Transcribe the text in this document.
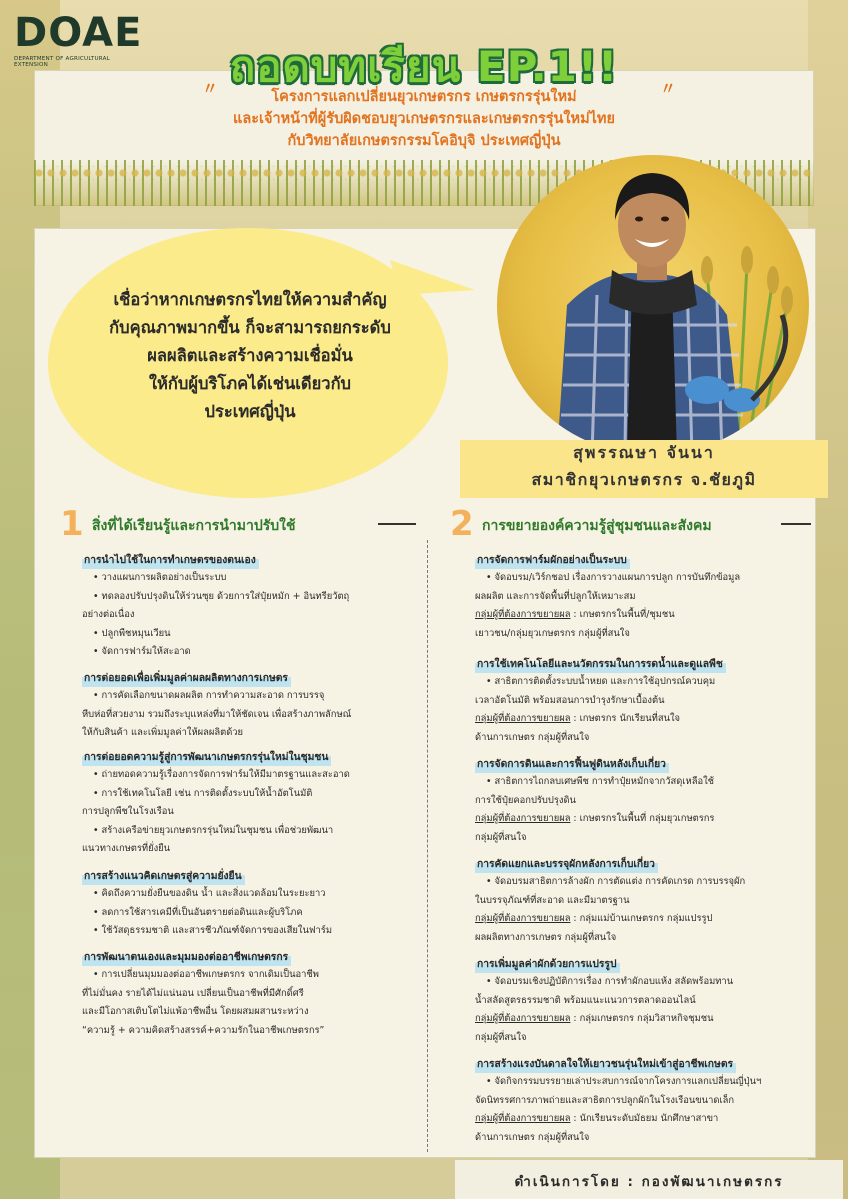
DOAE
DEPARTMENT OF AGRICULTURAL EXTENSION
〃	〃
ถอดบทเรียน EP.1!!
โครงการแลกเปลี่ยนยุวเกษตรกร เกษตรกรรุ่นใหม่
และเจ้าหน้าที่ผู้รับผิดชอบยุวเกษตรกรและเกษตรกรรุ่นใหม่ไทย
กับวิทยาลัยเกษตรกรรมโคอิบุจิ ประเทศญี่ปุ่น
เชื่อว่าหากเกษตรกรไทยให้ความสำคัญ
กับคุณภาพมากขึ้น ก็จะสามารถยกระดับ
ผลผลิตและสร้างความเชื่อมั่น
ให้กับผู้บริโภคได้เช่นเดียวกับ
ประเทศญี่ปุ่น
สุพรรณษา จันนา
สมาชิกยุวเกษตรกร จ.ชัยภูมิ
1 สิ่งที่ได้เรียนรู้และการนำมาปรับใช้	2 การขยายองค์ความรู้สู่ชุมชนและสังคม
การนำไปใช้ในการทำเกษตรของตนเอง
• วางแผนการผลิตอย่างเป็นระบบ
• ทดลองปรับปรุงดินให้ร่วนซุย ด้วยการใส่ปุ๋ยหมัก + อินทรียวัตถุ
อย่างต่อเนื่อง
• ปลูกพืชหมุนเวียน
• จัดการฟาร์มให้สะอาด
การต่อยอดเพื่อเพิ่มมูลค่าผลผลิตทางการเกษตร
• การคัดเลือกขนาดผลผลิต การทำความสะอาด การบรรจุ
หีบห่อที่สวยงาม รวมถึงระบุแหล่งที่มาให้ชัดเจน เพื่อสร้างภาพลักษณ์
ให้กับสินค้า และเพิ่มมูลค่าให้ผลผลิตด้วย
การต่อยอดความรู้สู่การพัฒนาเกษตรกรรุ่นใหม่ในชุมชน
• ถ่ายทอดความรู้เรื่องการจัดการฟาร์มให้มีมาตรฐานและสะอาด
• การใช้เทคโนโลยี เช่น การติดตั้งระบบให้น้ำอัตโนมัติ
การปลูกพืชในโรงเรือน
• สร้างเครือข่ายยุวเกษตรกรรุ่นใหม่ในชุมชน เพื่อช่วยพัฒนา
แนวทางเกษตรที่ยั่งยืน
การสร้างแนวคิดเกษตรสู่ความยั่งยืน
• คิดถึงความยั่งยืนของดิน น้ำ และสิ่งแวดล้อมในระยะยาว
• ลดการใช้สารเคมีที่เป็นอันตรายต่อดินและผู้บริโภค
• ใช้วัสดุธรรมชาติ และสารชีวภัณฑ์จัดการของเสียในฟาร์ม
การพัฒนาตนเองและมุมมองต่ออาชีพเกษตรกร
• การเปลี่ยนมุมมองต่ออาชีพเกษตรกร จากเดิมเป็นอาชีพ
ที่ไม่มั่นคง รายได้ไม่แน่นอน เปลี่ยนเป็นอาชีพที่มีศักดิ์ศรี
และมีโอกาสเติบโตไม่แพ้อาชีพอื่น โดยผสมผสานระหว่าง
“ความรู้ + ความคิดสร้างสรรค์+ความรักในอาชีพเกษตรกร”
การจัดการฟาร์มผักอย่างเป็นระบบ
• จัดอบรม/เวิร์กชอป เรื่องการวางแผนการปลูก การบันทึกข้อมูล
ผลผลิต และการจัดพื้นที่ปลูกให้เหมาะสม
กลุ่มผู้ที่ต้องการขยายผล : เกษตรกรในพื้นที่/ชุมชน
เยาวชน/กลุ่มยุวเกษตรกร กลุ่มผู้ที่สนใจ
การใช้เทคโนโลยีและนวัตกรรมในการรดน้ำและดูแลพืช
• สาธิตการติดตั้งระบบน้ำหยด และการใช้อุปกรณ์ควบคุม
เวลาอัตโนมัติ พร้อมสอนการบำรุงรักษาเบื้องต้น
กลุ่มผู้ที่ต้องการขยายผล : เกษตรกร นักเรียนที่สนใจ
ด้านการเกษตร กลุ่มผู้ที่สนใจ
การจัดการดินและการฟื้นฟูดินหลังเก็บเกี่ยว
• สาธิตการไถกลบเศษพืช การทำปุ๋ยหมักจากวัสดุเหลือใช้
การใช้ปุ๋ยคอกปรับปรุงดิน
กลุ่มผู้ที่ต้องการขยายผล : เกษตรกรในพื้นที่ กลุ่มยุวเกษตรกร
กลุ่มผู้ที่สนใจ
การคัดแยกและบรรจุผักหลังการเก็บเกี่ยว
• จัดอบรมสาธิตการล้างผัก การตัดแต่ง การคัดเกรด การบรรจุผัก
ในบรรจุภัณฑ์ที่สะอาด และมีมาตรฐาน
กลุ่มผู้ที่ต้องการขยายผล : กลุ่มแม่บ้านเกษตรกร กลุ่มแปรรูป
ผลผลิตทางการเกษตร กลุ่มผู้ที่สนใจ
การเพิ่มมูลค่าผักด้วยการแปรรูป
• จัดอบรมเชิงปฏิบัติการเรื่อง การทำผักอบแห้ง สลัดพร้อมทาน
น้ำสลัดสูตรธรรมชาติ พร้อมแนะแนวการตลาดออนไลน์
กลุ่มผู้ที่ต้องการขยายผล : กลุ่มเกษตรกร กลุ่มวิสาหกิจชุมชน
กลุ่มผู้ที่สนใจ
การสร้างแรงบันดาลใจให้เยาวชนรุ่นใหม่เข้าสู่อาชีพเกษตร
• จัดกิจกรรมบรรยายเล่าประสบการณ์จากโครงการแลกเปลี่ยนญี่ปุ่นฯ
จัดนิทรรศการภาพถ่ายและสาธิตการปลูกผักในโรงเรือนขนาดเล็ก
กลุ่มผู้ที่ต้องการขยายผล : นักเรียนระดับมัธยม นักศึกษาสาขา
ด้านการเกษตร กลุ่มผู้ที่สนใจ
ดำเนินการโดย : กองพัฒนาเกษตรกร
